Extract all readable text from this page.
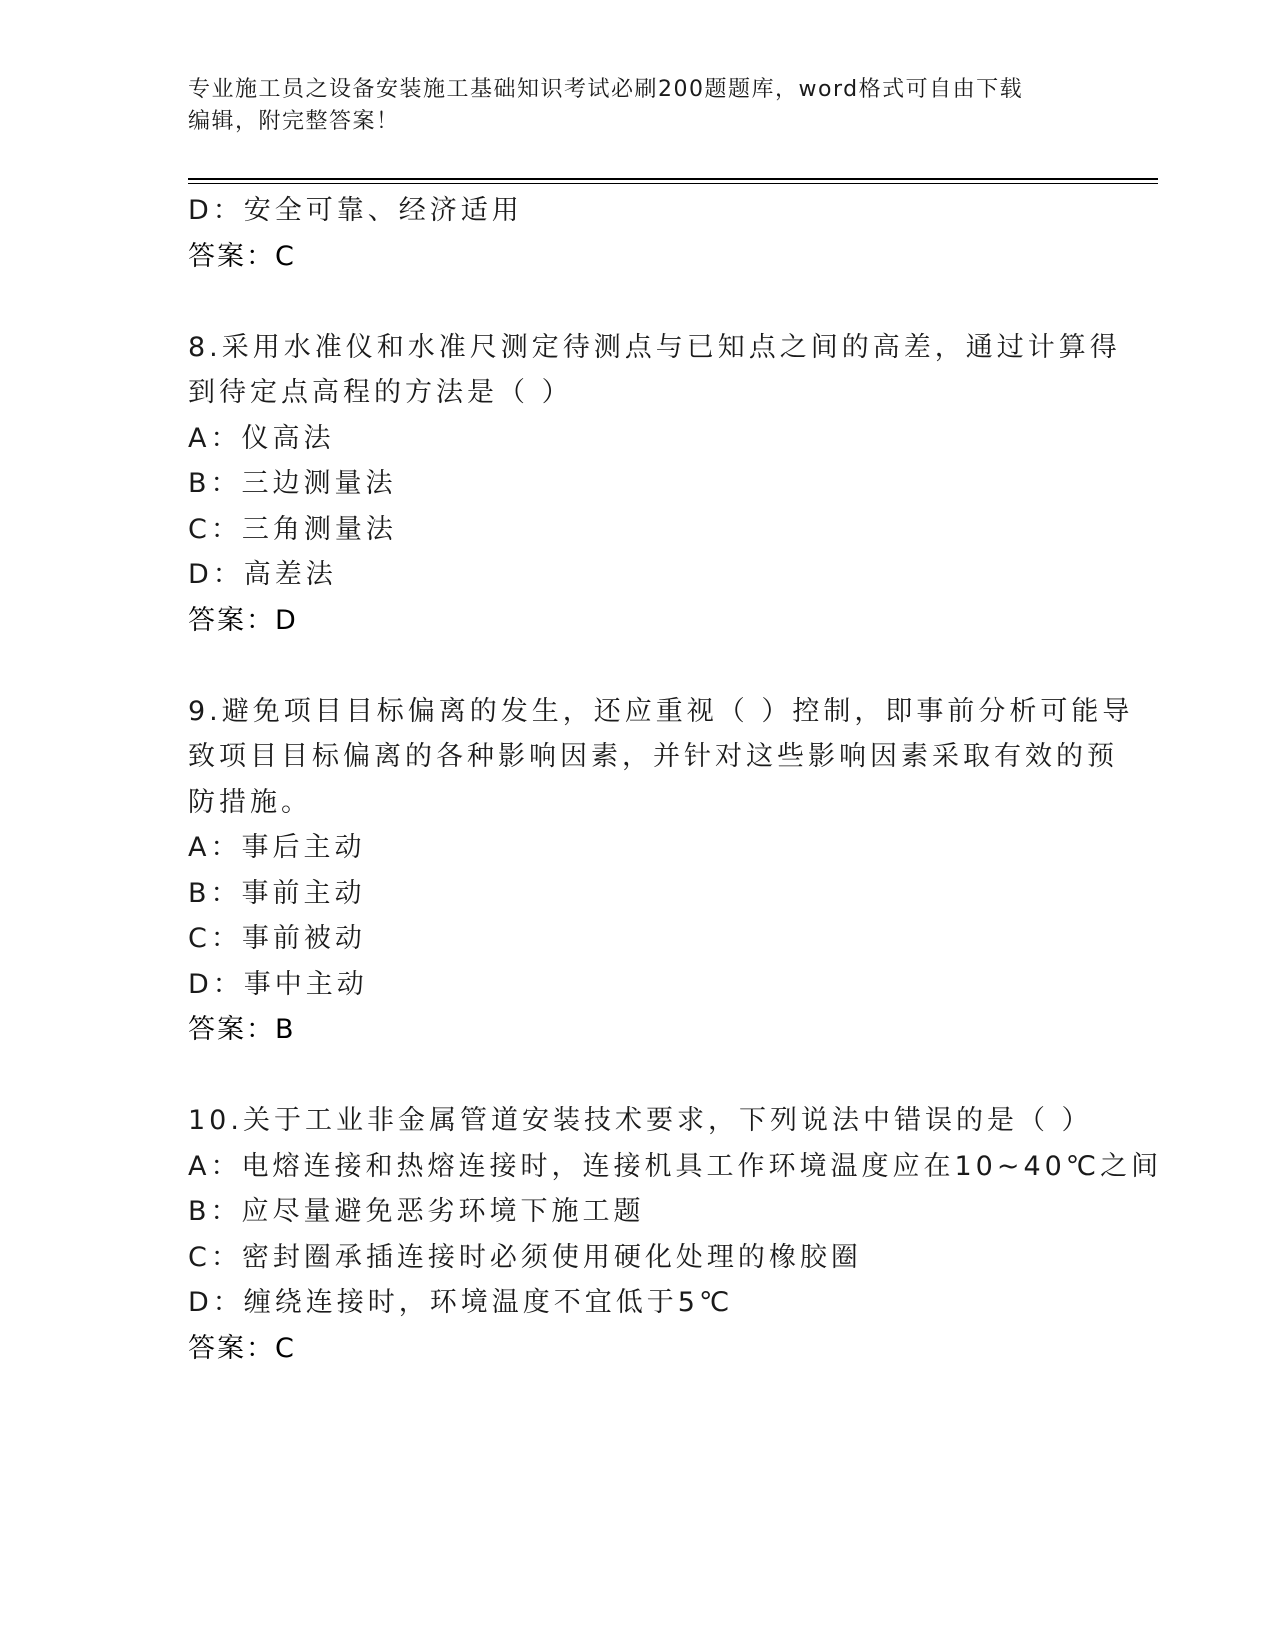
专业施工员之设备安装施工基础知识考试必刷200题题库，word格式可自由下载
编辑，附完整答案！
D：安全可靠、经济适用
答案：C
8.采用水准仪和水准尺测定待测点与已知点之间的高差，通过计算得
到待定点高程的方法是（ ）
A：仪高法
B：三边测量法
C：三角测量法
D：高差法
答案：D
9.避免项目目标偏离的发生，还应重视（ ）控制，即事前分析可能导
致项目目标偏离的各种影响因素，并针对这些影响因素采取有效的预
防措施。
A：事后主动
B：事前主动
C：事前被动
D：事中主动
答案：B
10.关于工业非金属管道安装技术要求，下列说法中错误的是（ ）
A：电熔连接和热熔连接时，连接机具工作环境温度应在10~40℃之间
B：应尽量避免恶劣环境下施工题
C：密封圈承插连接时必须使用硬化处理的橡胶圈
D：缠绕连接时，环境温度不宜低于5℃
答案：C
